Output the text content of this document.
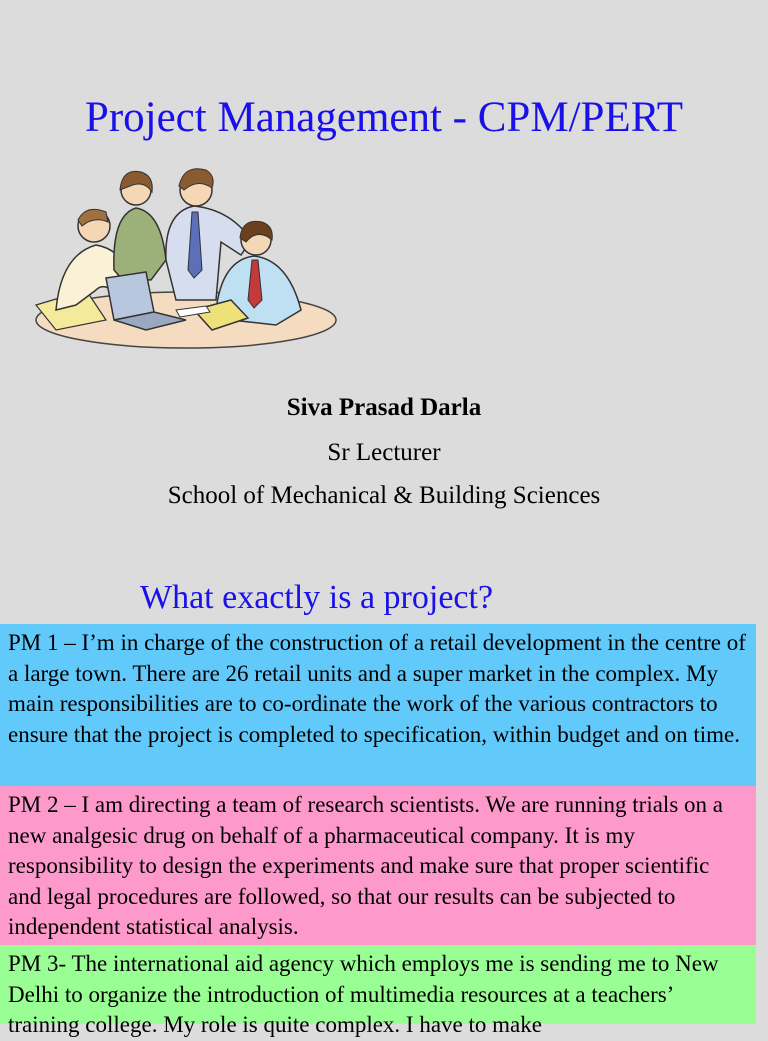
Project Management - CPM/PERT
Siva Prasad Darla
Sr Lecturer
School of Mechanical & Building Sciences
What exactly is a project?
PM 1 – I’m in charge of the construction of a retail development in the centre of a large town. There are 26 retail units and a super market in the complex. My main responsibilities are to co-ordinate the work of the various contractors to ensure that the project is completed to specification, within budget and on time.
PM 2 – I am directing a team of research scientists. We are running trials on a new analgesic drug on behalf of a pharmaceutical company. It is my responsibility to design the experiments and make sure that proper scientific and legal procedures are followed, so that our results can be subjected to independent statistical analysis.
PM 3- The international aid agency which employs me is sending me to New Delhi to organize the introduction of multimedia resources at a teachers’ training college. My role is quite complex. I have to make
